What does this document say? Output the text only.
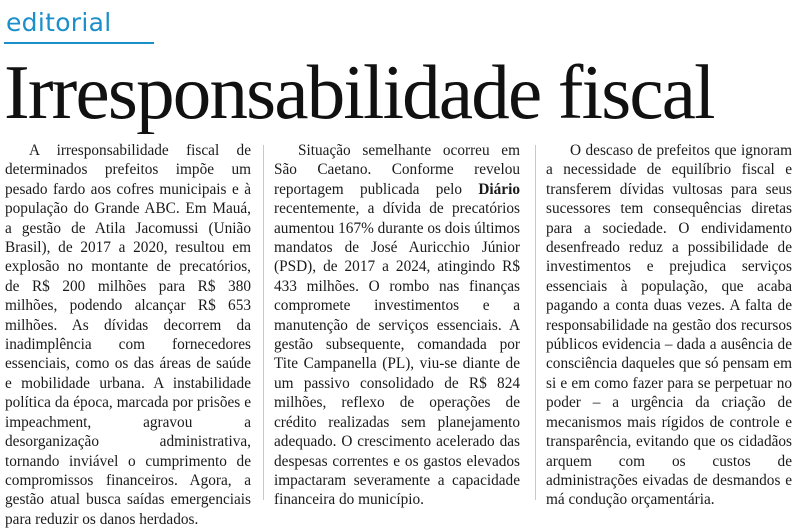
editorial
Irresponsabilidade fiscal

A irresponsabilidade fiscal de determinados prefeitos impõe um pesado fardo aos cofres municipais e à população do Grande ABC. Em Mauá, a gestão de Atila Jacomussi (União Brasil), de 2017 a 2020, resultou em explosão no montante de precatórios, de R$ 200 milhões para R$ 380 milhões, podendo alcançar R$ 653 milhões. As dívidas decorrem da inadimplência com fornecedores essenciais, como os das áreas de saúde e mobilidade urbana. A instabilidade política da época, marcada por prisões e impeachment, agravou a desorganização administrativa, tornando inviável o cumprimento de compromissos financeiros. Agora, a gestão atual busca saídas emergenciais para reduzir os danos herdados.

Situação semelhante ocorreu em São Caetano. Conforme revelou reportagem publicada pelo Diário recentemente, a dívida de precatórios aumentou 167% durante os dois últimos mandatos de José Auricchio Júnior (PSD), de 2017 a 2024, atingindo R$ 433 milhões. O rombo nas finanças compromete investimentos e a manutenção de serviços essenciais. A gestão subsequente, comandada por Tite Campanella (PL), viu-se diante de um passivo consolidado de R$ 824 milhões, reflexo de operações de crédito realizadas sem planejamento adequado. O crescimento acelerado das despesas correntes e os gastos elevados impactaram severamente a capacidade financeira do município.

O descaso de prefeitos que ignoram a necessidade de equilíbrio fiscal e transferem dívidas vultosas para seus sucessores tem consequências diretas para a sociedade. O endividamento desenfreado reduz a possibilidade de investimentos e prejudica serviços essenciais à população, que acaba pagando a conta duas vezes. A falta de responsabilidade na gestão dos recursos públicos evidencia – dada a ausência de consciência daqueles que só pensam em si e em como fazer para se perpetuar no poder – a urgência da criação de mecanismos mais rígidos de controle e transparência, evitando que os cidadãos arquem com os custos de administrações eivadas de desmandos e má condução orçamentária.
